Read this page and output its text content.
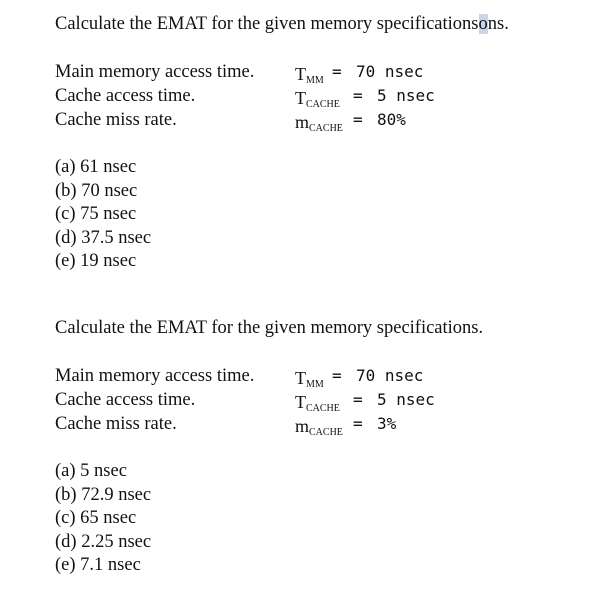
Calculate the EMAT for the given memory specificationsons.
Main memory access time. $T_{MM} = 70$ nsec
Cache access time.	$T_{CACHE} = 5$ nsec
Cache miss rate.	$m_{CACHE} = 80\%$
(a) 61 nsec
(b) 70 nsec
(c) 75 nsec
(d) 37.5 nsec
(e) 19 nsec
Calculate the EMAT for the given memory specifications.
Main memory access time. $T_{MM} = 70$ nsec
Cache access time.	$T_{CACHE} = 5$ nsec
Cache miss rate.	$m_{CACHE} = 3\%$
(a) 5 nsec
(b) 72.9 nsec
(c) 65 nsec
(d) 2.25 nsec
(e) 7.1 nsec
